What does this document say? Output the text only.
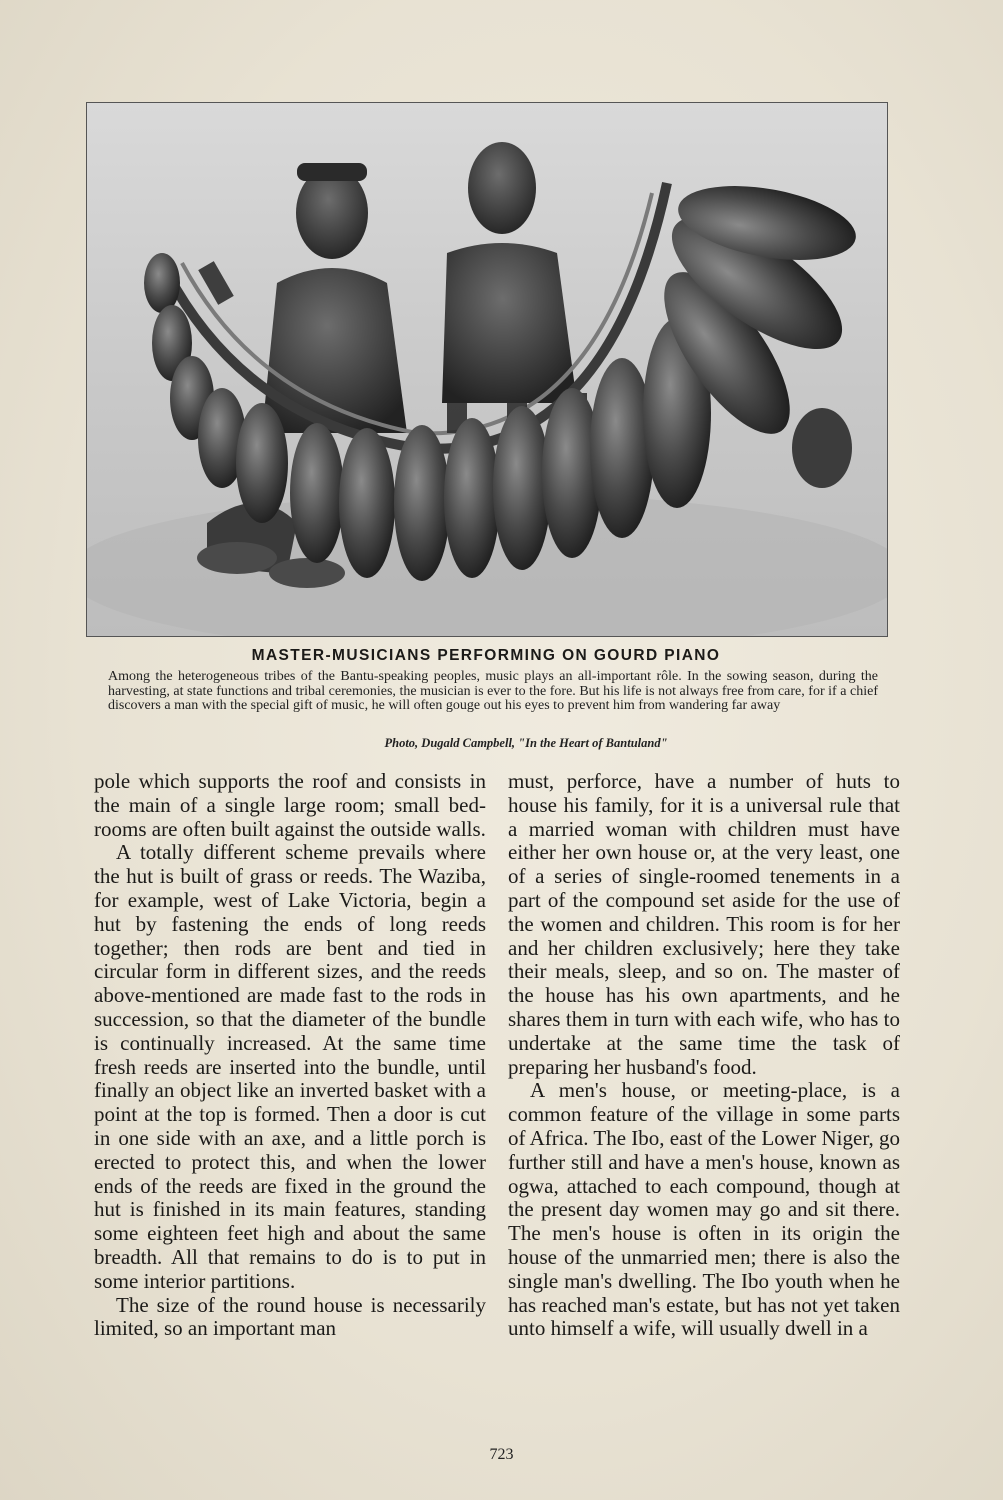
MASTER-MUSICIANS PERFORMING ON GOURD PIANO
Among the heterogeneous tribes of the Bantu-speaking peoples, music plays an all-important rôle. In the sowing season, during the harvesting, at state functions and tribal ceremonies, the musician is ever to the fore. But his life is not always free from care, for if a chief discovers a man with the special gift of music, he will often gouge out his eyes to prevent him from wandering far away
Photo, Dugald Campbell, "In the Heart of Bantuland"

pole which supports the roof and consists in the main of a single large room; small bed-rooms are often built against the outside walls.

A totally different scheme prevails where the hut is built of grass or reeds. The Waziba, for example, west of Lake Victoria, begin a hut by fastening the ends of long reeds together; then rods are bent and tied in circular form in different sizes, and the reeds above-mentioned are made fast to the rods in succession, so that the diameter of the bundle is continually increased. At the same time fresh reeds are inserted into the bundle, until finally an object like an inverted basket with a point at the top is formed. Then a door is cut in one side with an axe, and a little porch is erected to protect this, and when the lower ends of the reeds are fixed in the ground the hut is finished in its main features, standing some eighteen feet high and about the same breadth. All that remains to do is to put in some interior partitions.

The size of the round house is necessarily limited, so an important man

must, perforce, have a number of huts to house his family, for it is a universal rule that a married woman with children must have either her own house or, at the very least, one of a series of single-roomed tenements in a part of the compound set aside for the use of the women and children. This room is for her and her children exclusively; here they take their meals, sleep, and so on. The master of the house has his own apartments, and he shares them in turn with each wife, who has to undertake at the same time the task of preparing her husband's food.

A men's house, or meeting-place, is a common feature of the village in some parts of Africa. The Ibo, east of the Lower Niger, go further still and have a men's house, known as ogwa, attached to each compound, though at the present day women may go and sit there. The men's house is often in its origin the house of the unmarried men; there is also the single man's dwelling. The Ibo youth when he has reached man's estate, but has not yet taken unto himself a wife, will usually dwell in a

723
